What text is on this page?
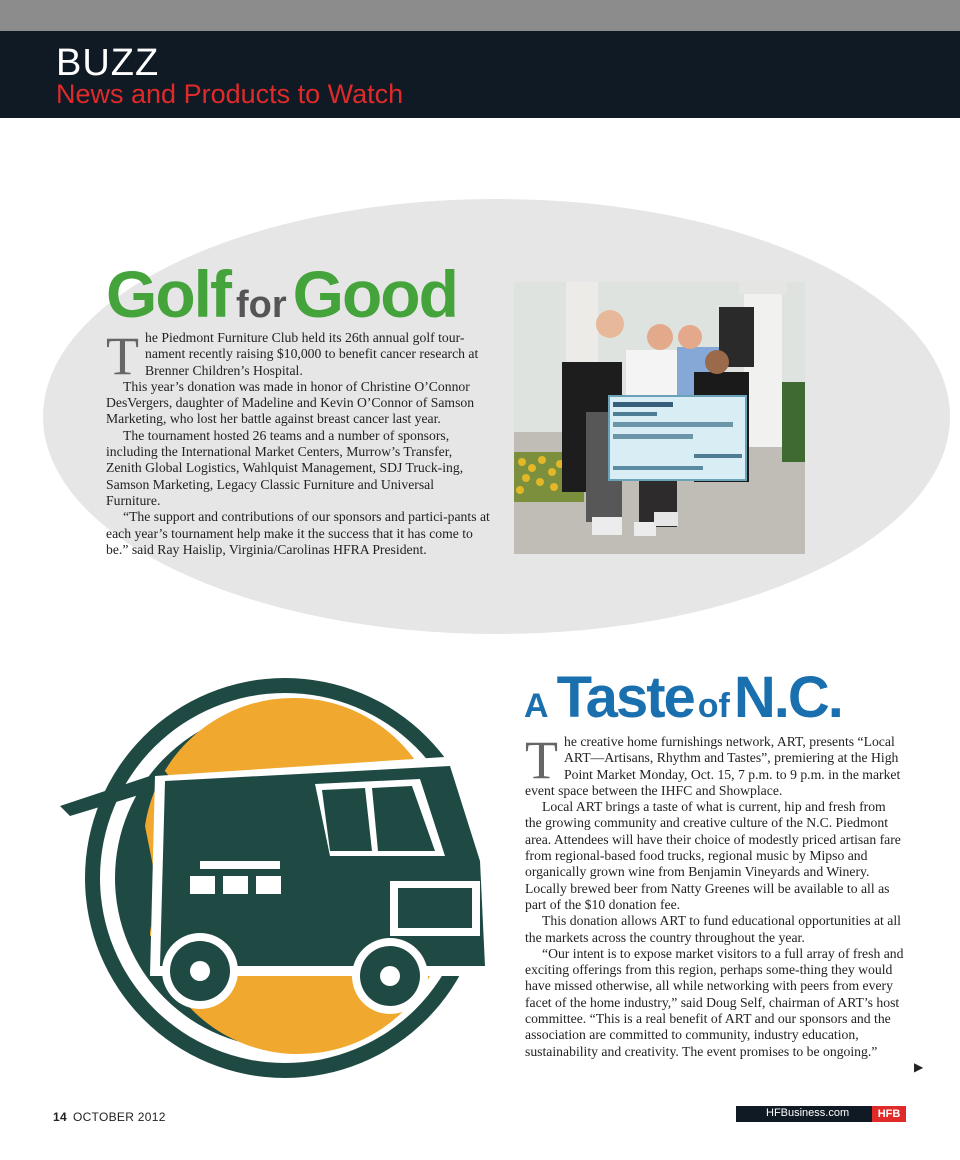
BUZZ
News and Products to Watch
Golf forGood

The Piedmont Furniture Club held its 26th annual golf tour-nament recently raising $10,000 to benefit cancer research at Brenner Children’s Hospital.

This year’s donation was made in honor of Christine O’Connor DesVergers, daughter of Madeline and Kevin O’Connor of Samson Marketing, who lost her battle against breast cancer last year.

The tournament hosted 26 teams and a number of sponsors, including the International Market Centers, Murrow’s Transfer, Zenith Global Logistics, Wahlquist Management, SDJ Truck-ing, Samson Marketing, Legacy Classic Furniture and Universal Furniture.

“The support and contributions of our sponsors and partici-pants at each year’s tournament help make it the success that it has come to be.” said Ray Haislip, Virginia/Carolinas HFRA President.

A Taste ofN.C.

The creative home furnishings network, ART, presents “Local ART—Artisans, Rhythm and Tastes”, premiering at the High Point Market Monday, Oct. 15, 7 p.m. to 9 p.m. in the market event space between the IHFC and Showplace.

Local ART brings a taste of what is current, hip and fresh from the growing community and creative culture of the N.C. Piedmont area. Attendees will have their choice of modestly priced artisan fare from regional-based food trucks, regional music by Mipso and organically grown wine from Benjamin Vineyards and Winery. Locally brewed beer from Natty Greenes will be available to all as part of the $10 donation fee.

This donation allows ART to fund educational opportunities at all the markets across the country throughout the year.

“Our intent is to expose market visitors to a full array of fresh and exciting offerings from this region, perhaps some-thing they would have missed otherwise, all while networking with peers from every facet of the home industry,” said Doug Self, chairman of ART’s host committee. “This is a real benefit of ART and our sponsors and the association are committed to community, industry education, sustainability and creativity. The event promises to be ongoing.”

▶
14 OCTOBER 2012	HFBusiness.com	HFB
